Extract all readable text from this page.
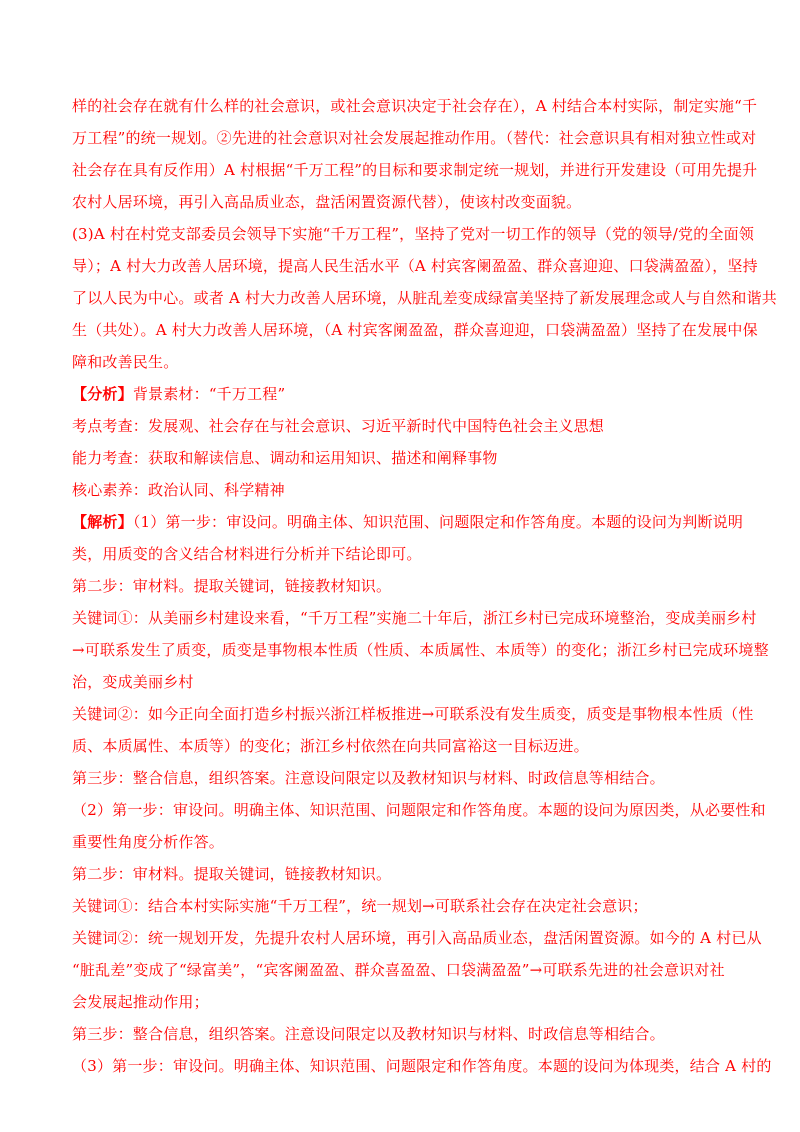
样的社会存在就有什么样的社会意识，或社会意识决定于社会存在），A 村结合本村实际，制定实施“千
万工程”的统一规划。②先进的社会意识对社会发展起推动作用。（替代：社会意识具有相对独立性或对
社会存在具有反作用）A 村根据“千万工程”的目标和要求制定统一规划，并进行开发建设（可用先提升
农村人居环境，再引入高品质业态，盘活闲置资源代替），使该村改变面貌。
(3)A 村在村党支部委员会领导下实施“千万工程”，坚持了党对一切工作的领导（党的领导/党的全面领
导）；A 村大力改善人居环境，提高人民生活水平（A 村宾客阑盈盈、群众喜迎迎、口袋满盈盈），坚持
了以人民为中心。或者 A 村大力改善人居环境，从脏乱差变成绿富美坚持了新发展理念或人与自然和谐共
生（共处）。A 村大力改善人居环境，（A 村宾客阑盈盈，群众喜迎迎，口袋满盈盈）坚持了在发展中保
障和改善民生。
【分析】背景素材：“千万工程”
考点考查：发展观、社会存在与社会意识、习近平新时代中国特色社会主义思想
能力考查：获取和解读信息、调动和运用知识、描述和阐释事物
核心素养：政治认同、科学精神
【解析】（1）第一步：审设问。明确主体、知识范围、问题限定和作答角度。本题的设问为判断说明
类，用质变的含义结合材料进行分析并下结论即可。
第二步：审材料。提取关键词，链接教材知识。
关键词①：从美丽乡村建设来看，“千万工程”实施二十年后，浙江乡村已完成环境整治，变成美丽乡村
→可联系发生了质变，质变是事物根本性质（性质、本质属性、本质等）的变化；浙江乡村已完成环境整
治，变成美丽乡村
关键词②：如今正向全面打造乡村振兴浙江样板推进→可联系没有发生质变，质变是事物根本性质（性
质、本质属性、本质等）的变化；浙江乡村依然在向共同富裕这一目标迈进。
第三步：整合信息，组织答案。注意设问限定以及教材知识与材料、时政信息等相结合。
（2）第一步：审设问。明确主体、知识范围、问题限定和作答角度。本题的设问为原因类，从必要性和
重要性角度分析作答。
第二步：审材料。提取关键词，链接教材知识。
关键词①：结合本村实际实施“千万工程”，统一规划→可联系社会存在决定社会意识；
关键词②：统一规划开发，先提升农村人居环境，再引入高品质业态，盘活闲置资源。如今的 A 村已从
“脏乱差”变成了“绿富美”，“宾客阑盈盈、群众喜盈盈、口袋满盈盈”→可联系先进的社会意识对社
会发展起推动作用；
第三步：整合信息，组织答案。注意设问限定以及教材知识与材料、时政信息等相结合。
（3）第一步：审设问。明确主体、知识范围、问题限定和作答角度。本题的设问为体现类，结合 A 村的
